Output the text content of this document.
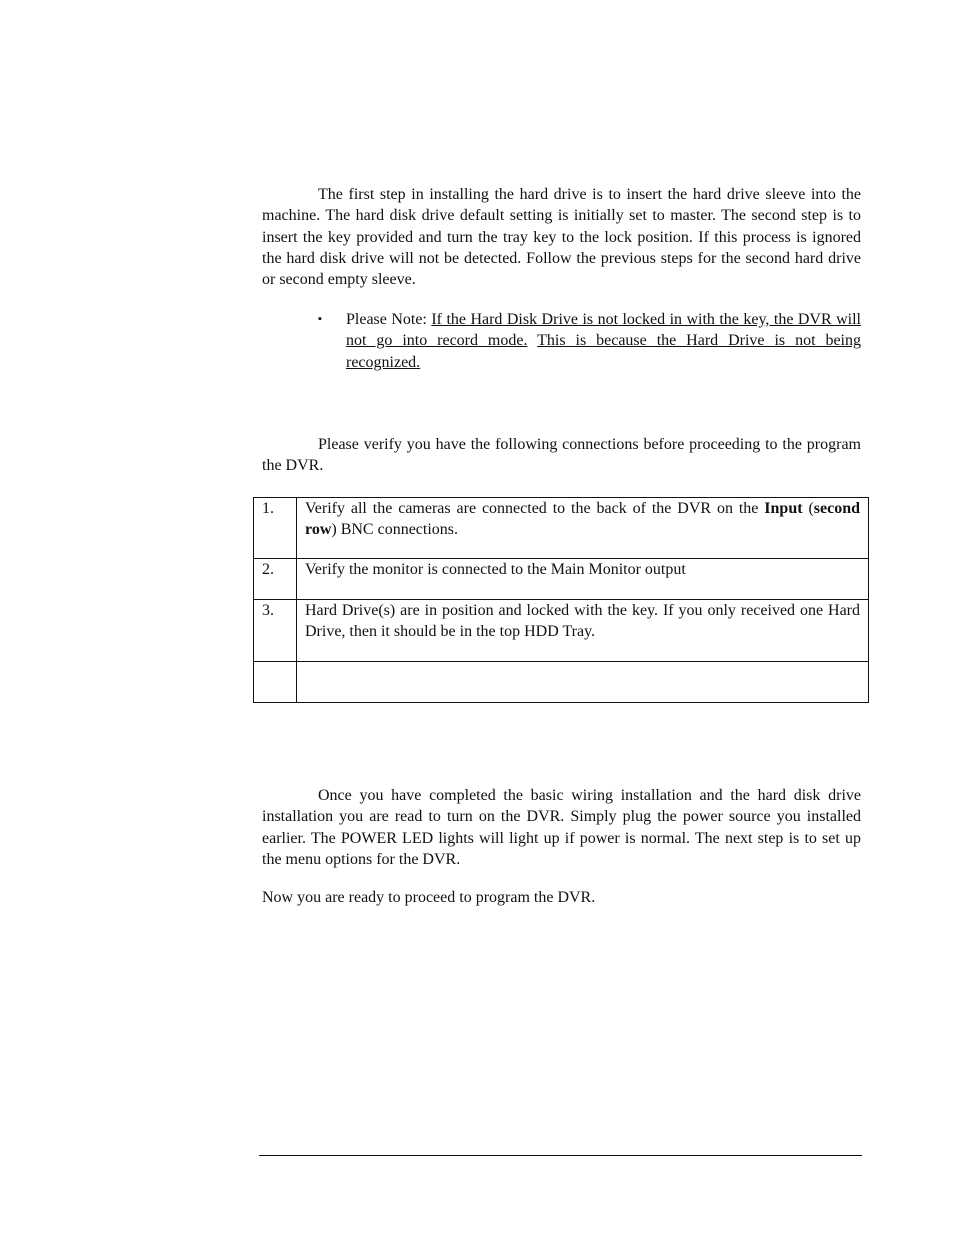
The first step in installing the hard drive is to insert the hard drive sleeve into the machine. The hard disk drive default setting is initially set to master. The second step is to insert the key provided and turn the tray key to the lock position. If this process is ignored the hard disk drive will not be detected. Follow the previous steps for the second hard drive or second empty sleeve.

▪ Please Note: If the Hard Disk Drive is not locked in with the key, the DVR will not go into record mode. This is because the Hard Drive is not being recognized.

Please verify you have the following connections before proceeding to the program the DVR.

1.	Verify all the cameras are connected to the back of the DVR on the Input (second row) BNC connections.
2.	Verify the monitor is connected to the Main Monitor output
3.	Hard Drive(s) are in position and locked with the key. If you only received one Hard Drive, then it should be in the top HDD Tray.

Once you have completed the basic wiring installation and the hard disk drive installation you are read to turn on the DVR. Simply plug the power source you installed earlier. The POWER LED lights will light up if power is normal. The next step is to set up the menu options for the DVR.

Now you are ready to proceed to program the DVR.
